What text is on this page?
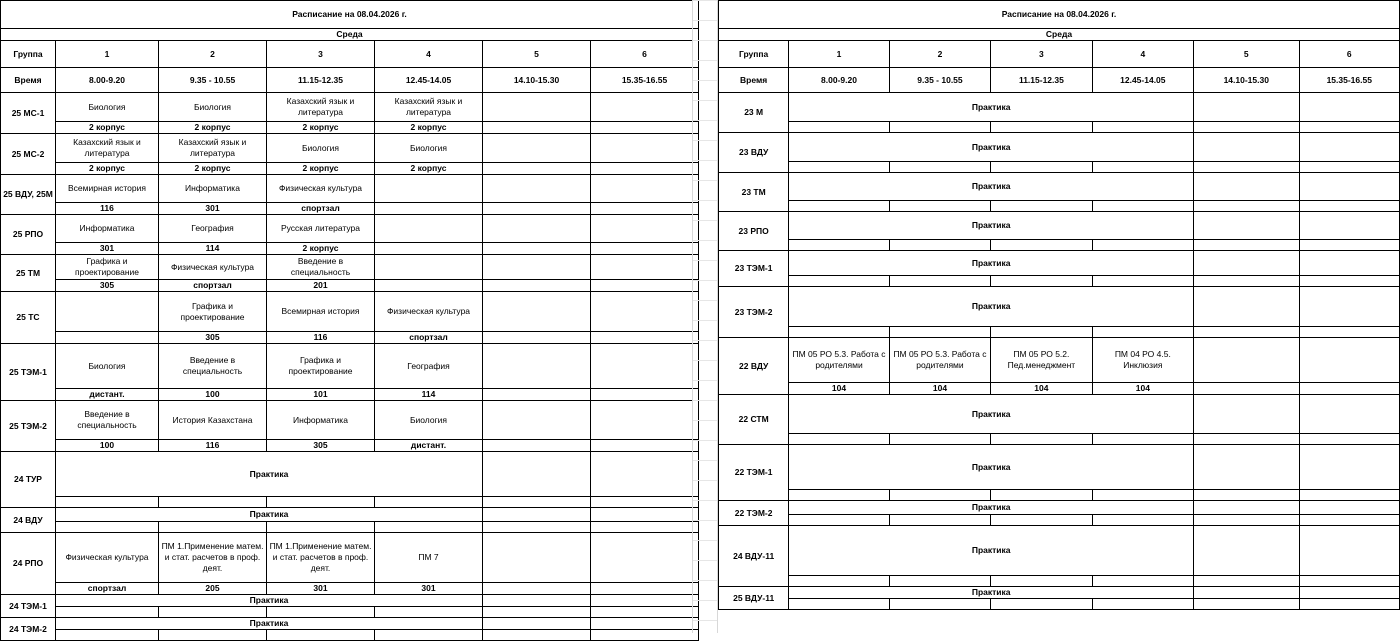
Расписание на 08.04.2026 г.						
Среда						
Группа	1	2	3	4	5	6
Время	8.00-9.20	9.35 - 10.55	11.15-12.35	12.45-14.05	14.10-15.30	15.35-16.55
25 МС-1	Биология	Биология	Казахский язык и литература	Казахский язык и литература		
	2 корпус	2 корпус	2 корпус	2 корпус		
25 МС-2	Казахский язык и литература	Казахский язык и литература	Биология	Биология		
	2 корпус	2 корпус	2 корпус	2 корпус		
25 ВДУ, 25М	Всемирная история	Информатика	Физическая культура			
	116	301	спортзал			
25 РПО	Информатика	География	Русская литература			
	301	114	2 корпус			
25 ТМ	Графика и проектирование	Физическая культура	Введение в специальность			
	305	спортзал	201			
25 ТС		Графика и проектирование	Всемирная история	Физическая культура		
		305	116	спортзал		
25 ТЭМ-1	Биология	Введение в специальность	Графика и проектирование	География		
	дистант.	100	101	114		
25 ТЭМ-2	Введение в специальность	История Казахстана	Информатика	Биология		
	100	116	305	дистант.		
24 ТУР	Практика					

24 ВДУ	Практика					

24 РПО	Физическая культура	ПМ 1.Применение матем. и стат. расчетов в проф. деят.	ПМ 1.Применение матем. и стат. расчетов в проф. деят.	ПМ 7		
	спортзал	205	301	301		
24 ТЭМ-1	Практика					

24 ТЭМ-2	Практика					

Расписание на 08.04.2026 г.						
Среда						
Группа	1	2	3	4	5	6
Время	8.00-9.20	9.35 - 10.55	11.15-12.35	12.45-14.05	14.10-15.30	15.35-16.55
23 М	Практика					

23 ВДУ	Практика					

23 ТМ	Практика					

23 РПО	Практика					

23 ТЭМ-1	Практика					

23 ТЭМ-2	Практика					

22 ВДУ	ПМ 05 РО 5.3. Работа с родителями	ПМ 05 РО 5.3. Работа с родителями	ПМ 05 РО 5.2. Пед.менеджмент	ПМ 04 РО 4.5. Инклюзия		
	104	104	104	104		
22 СТМ	Практика					

22 ТЭМ-1	Практика					

22 ТЭМ-2	Практика					

24 ВДУ-11	Практика					

25 ВДУ-11	Практика					
